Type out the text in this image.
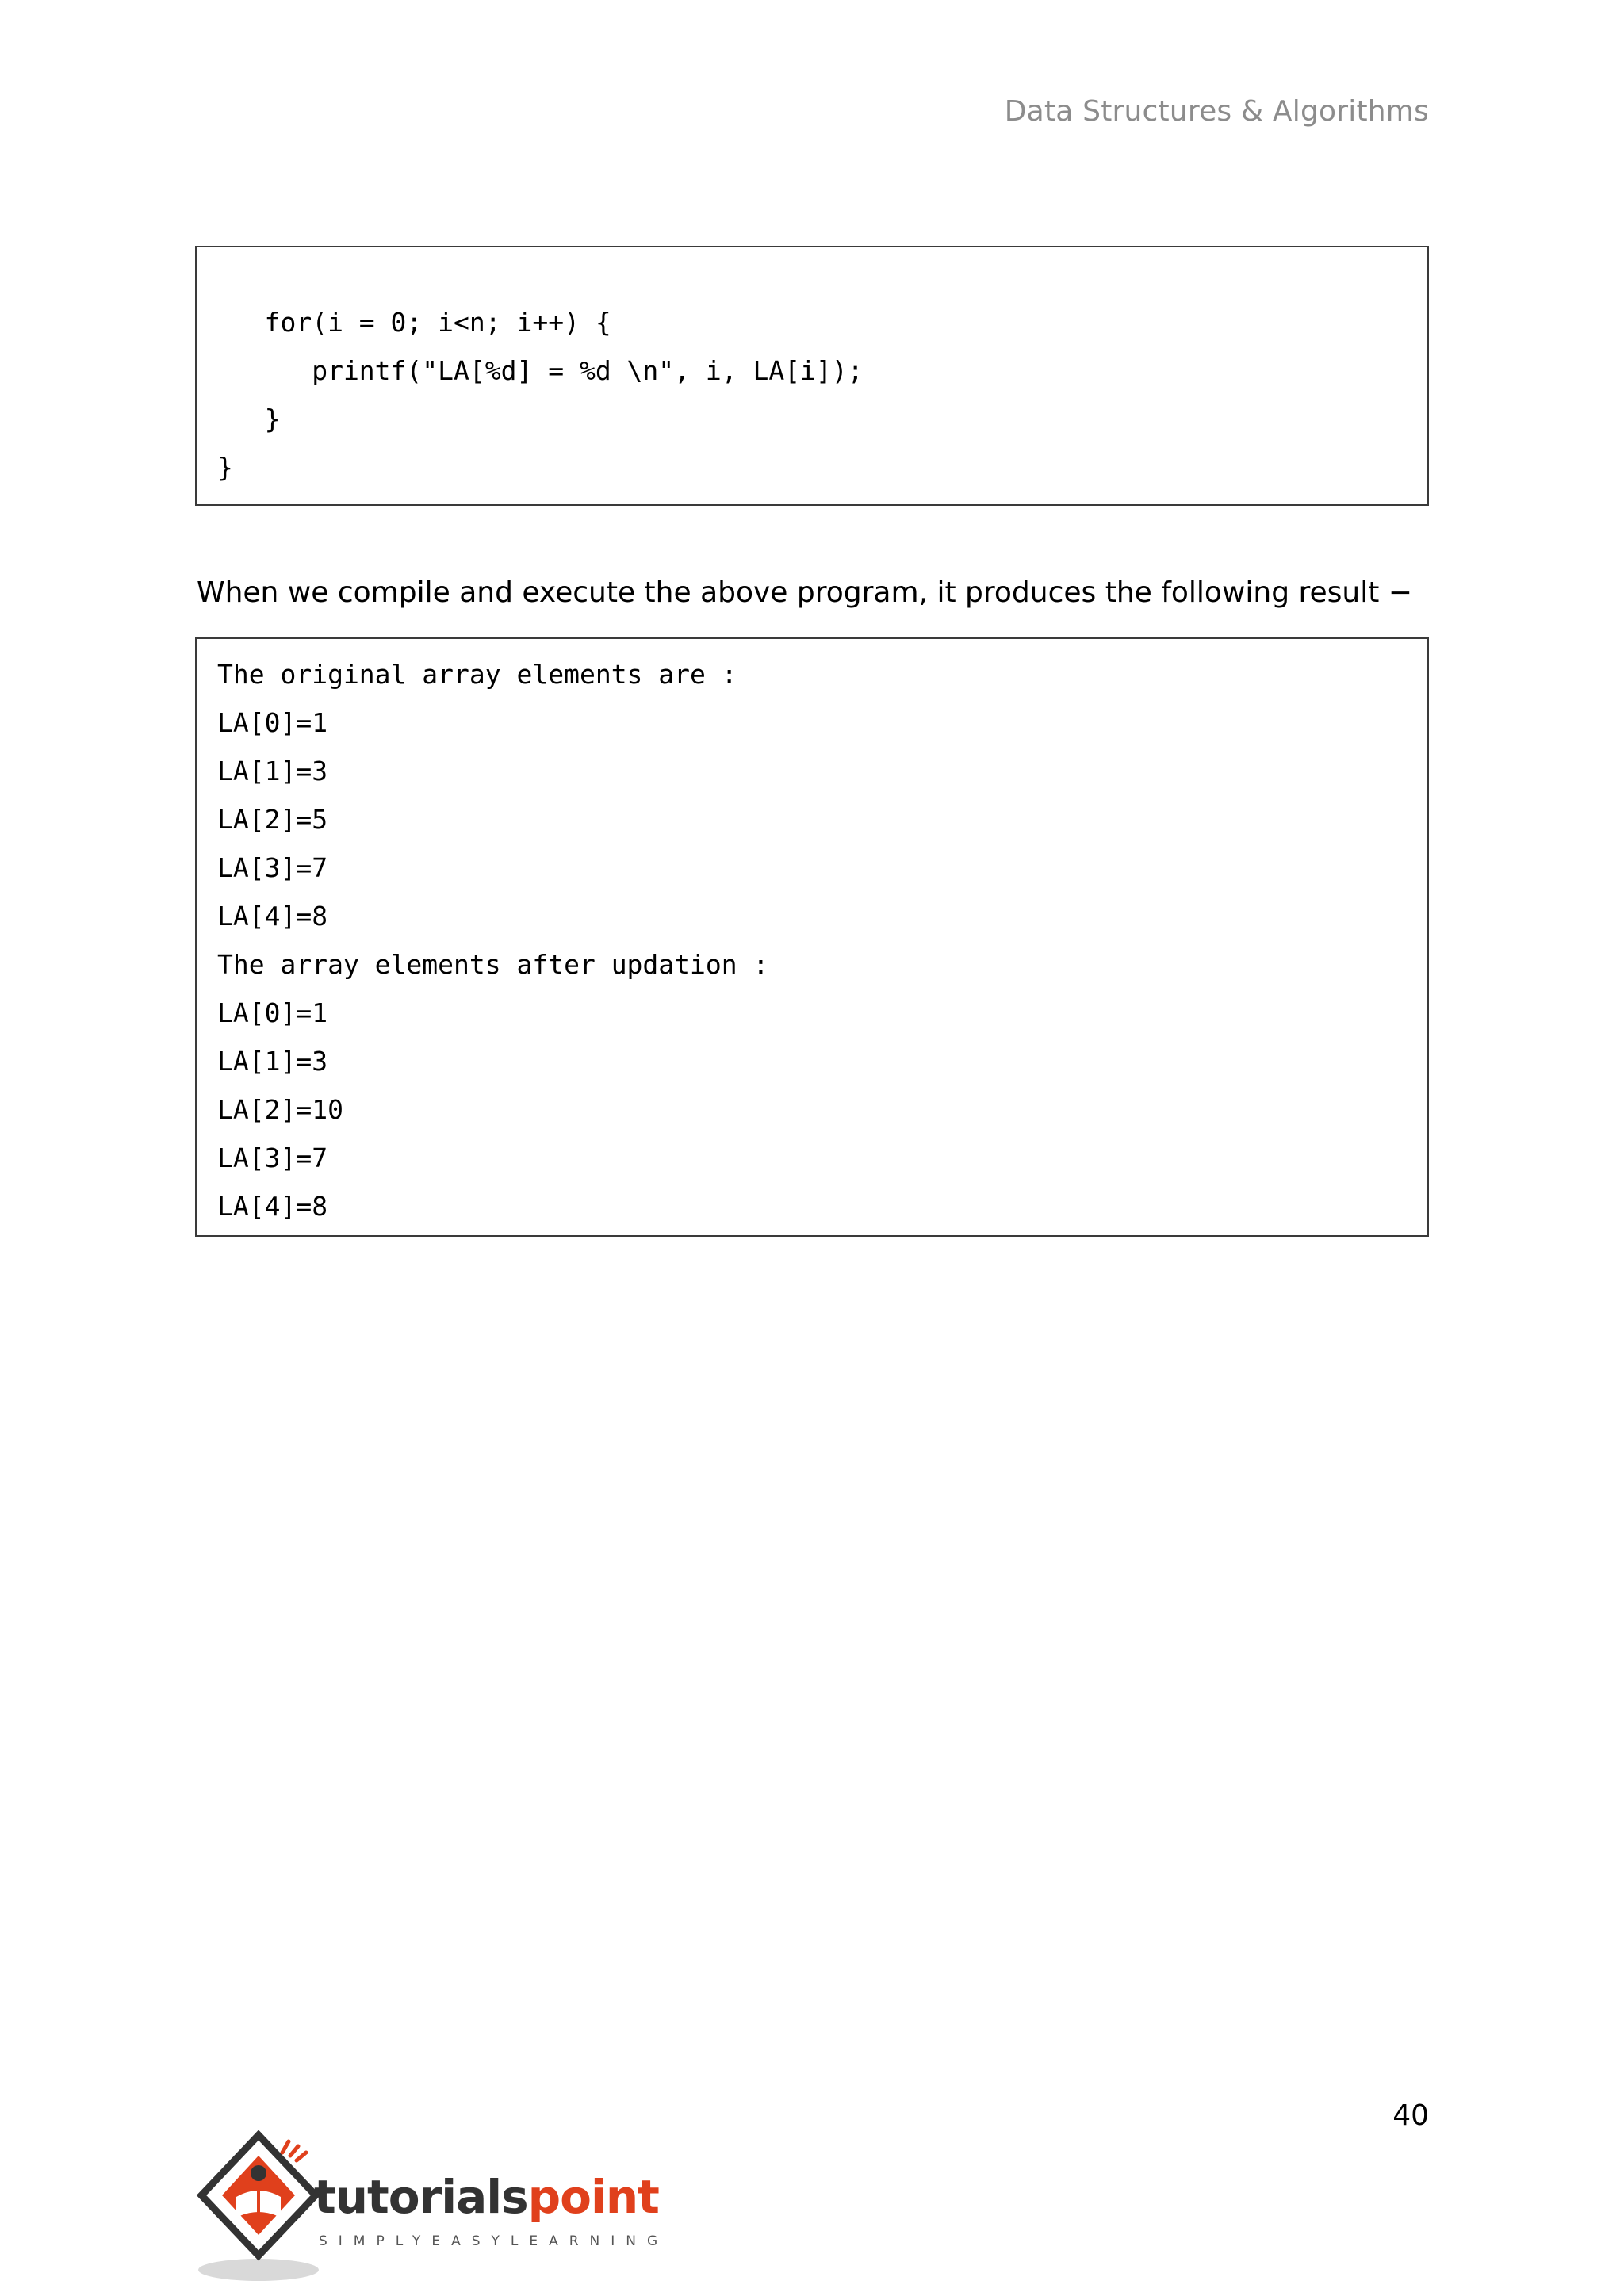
Data Structures & Algorithms
for(i = 0; i<n; i++) {
printf("LA[%d] = %d \n", i, LA[i]);
}
}
When we compile and execute the above program, it produces the following result −
The original array elements are :
LA[0]=1
LA[1]=3
LA[2]=5
LA[3]=7
LA[4]=8
The array elements after updation :
LA[0]=1
LA[1]=3
LA[2]=10
LA[3]=7
LA[4]=8
40
tutorialspoint
SIMPLYEASYLEARNING
